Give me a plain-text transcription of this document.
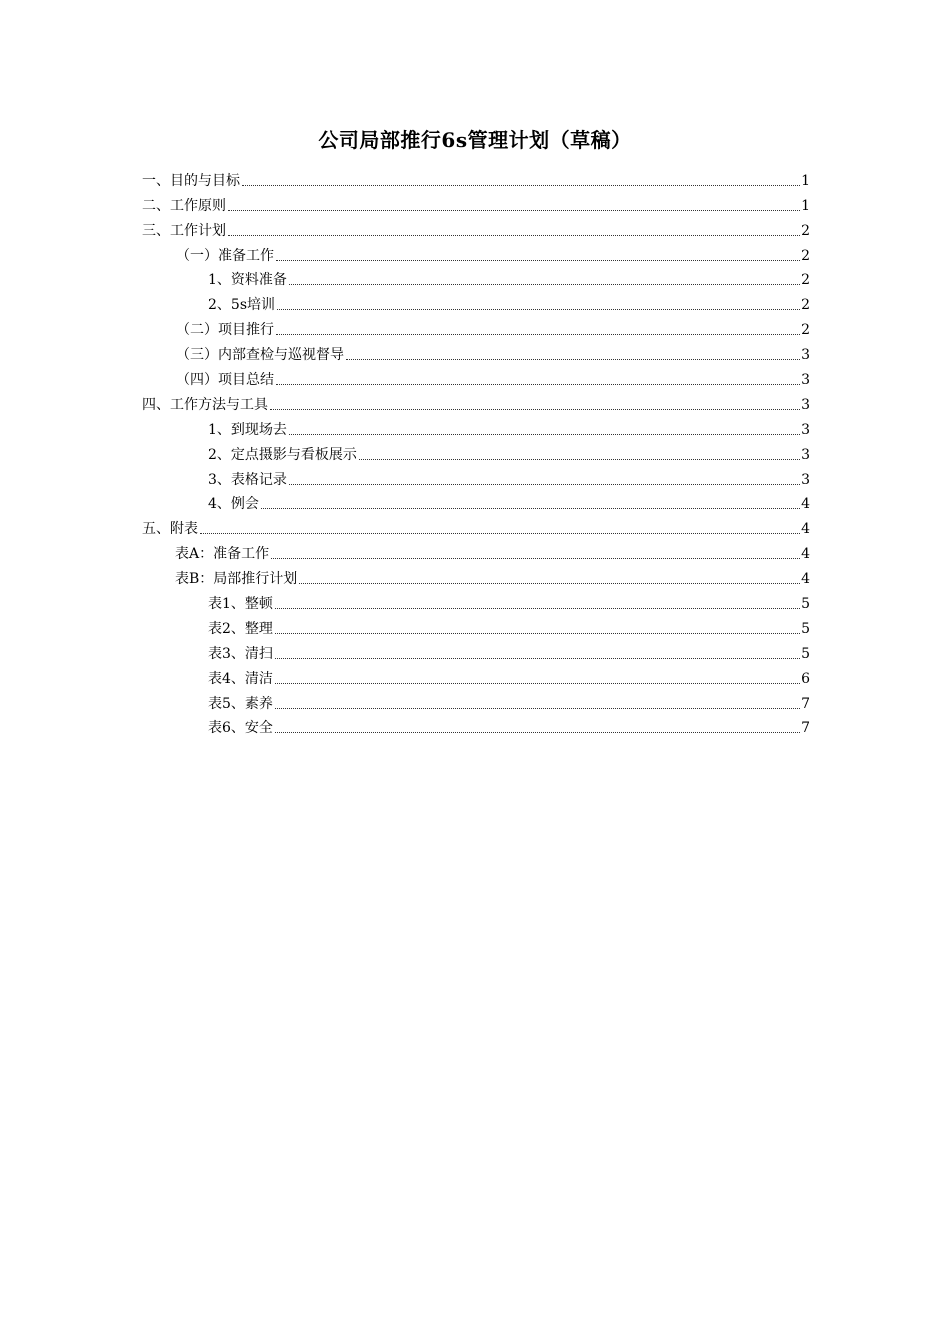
公司局部推行6s管理计划（草稿）
一、目的与目标	1
二、工作原则	1
三、工作计划	2
（一）准备工作	2
1、资料准备	2
2、5s培训	2
（二）项目推行	2
（三）内部查检与巡视督导	3
（四）项目总结	3
四、工作方法与工具	3
1、到现场去	3
2、定点摄影与看板展示	3
3、表格记录	3
4、例会	4
五、附表	4
表A：准备工作	4
表B：局部推行计划	4
表1、整顿	5
表2、整理	5
表3、清扫	5
表4、清洁	6
表5、素养	7
表6、安全	7
